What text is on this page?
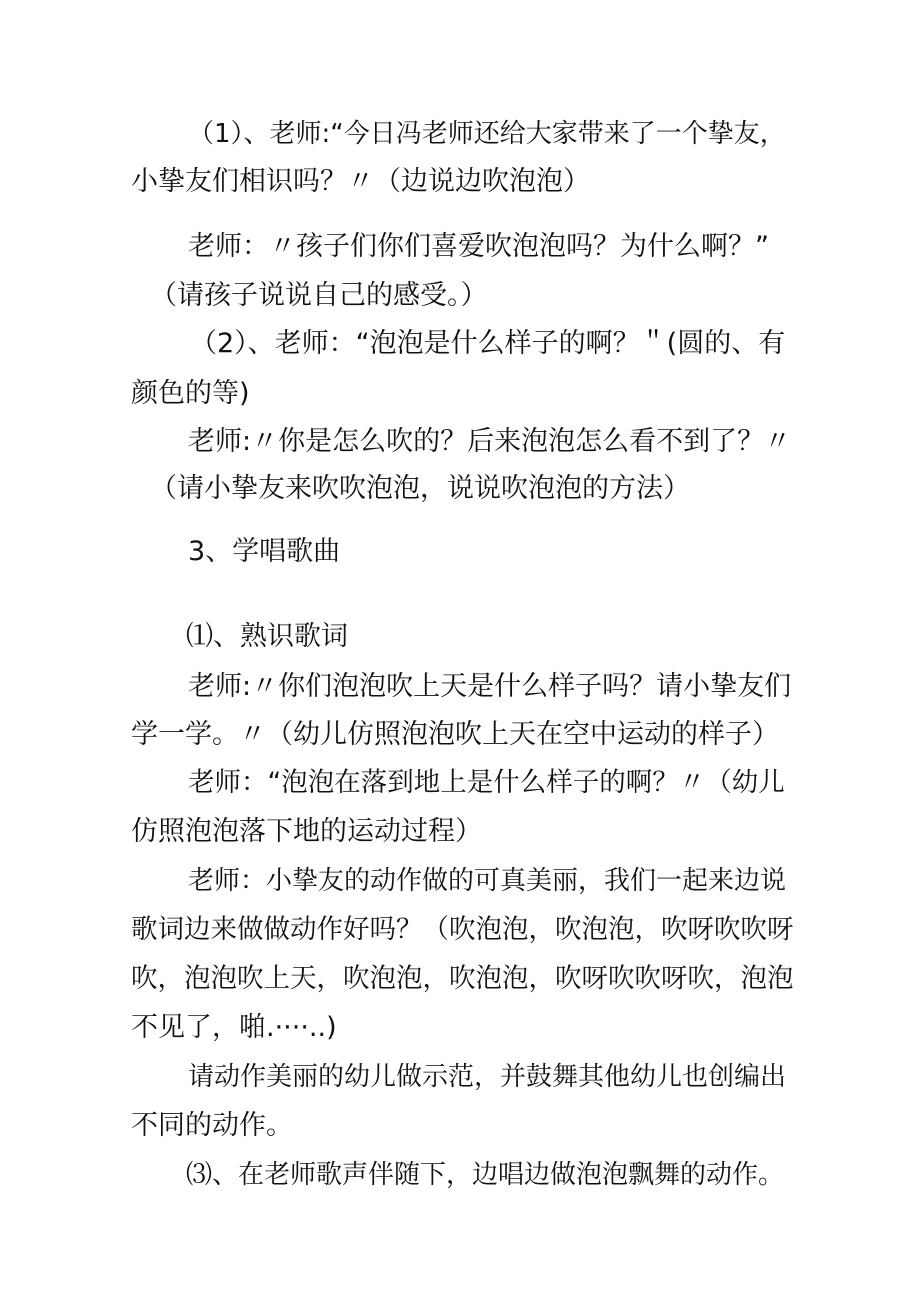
（1）、老师:“今日冯老师还给大家带来了一个挚友，
小挚友们相识吗？〃（边说边吹泡泡）
老师：〃孩子们你们喜爱吹泡泡吗？为什么啊？”
（请孩子说说自己的感受。）
（2）、老师：“泡泡是什么样子的啊？＂(圆的、有
颜色的等)
老师:〃你是怎么吹的？后来泡泡怎么看不到了？〃
（请小挚友来吹吹泡泡，说说吹泡泡的方法）
3、学唱歌曲
⑴、熟识歌词
老师:〃你们泡泡吹上天是什么样子吗？请小挚友们
学一学。〃（幼儿仿照泡泡吹上天在空中运动的样子）
老师：“泡泡在落到地上是什么样子的啊？〃（幼儿
仿照泡泡落下地的运动过程）
老师：小挚友的动作做的可真美丽，我们一起来边说
歌词边来做做动作好吗？（吹泡泡，吹泡泡，吹呀吹吹呀
吹，泡泡吹上天，吹泡泡，吹泡泡，吹呀吹吹呀吹，泡泡
不见了，啪.····..)
请动作美丽的幼儿做示范，并鼓舞其他幼儿也创编出
不同的动作。
⑶、在老师歌声伴随下，边唱边做泡泡飘舞的动作。
